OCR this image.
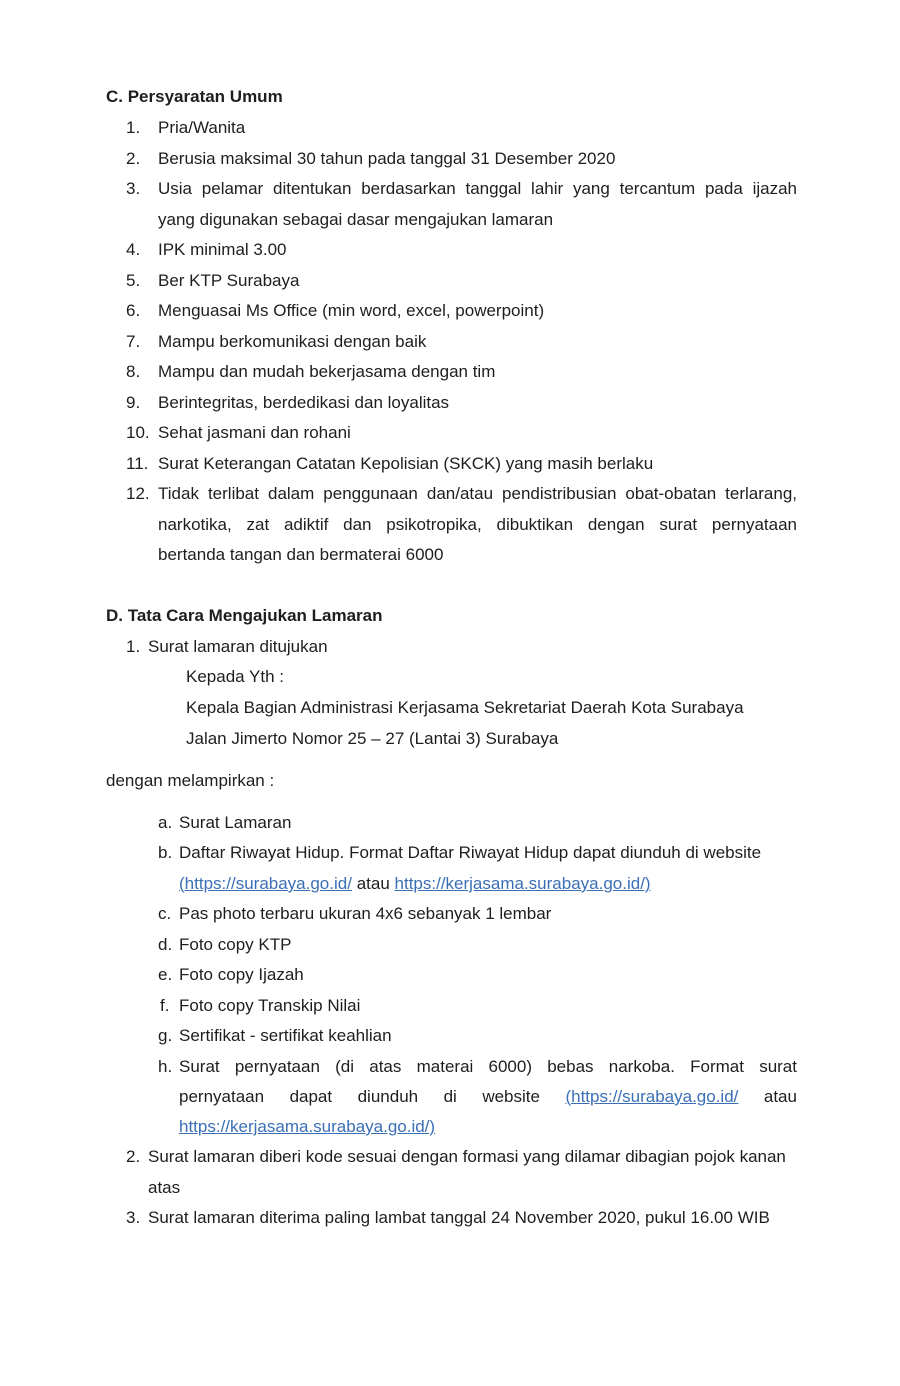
C. Persyaratan Umum
1. Pria/Wanita
2. Berusia maksimal 30 tahun pada tanggal 31 Desember 2020
3. Usia pelamar ditentukan berdasarkan tanggal lahir yang tercantum pada ijazah
yang digunakan sebagai dasar mengajukan lamaran
4. IPK minimal 3.00
5. Ber KTP Surabaya
6. Menguasai Ms Office (min word, excel, powerpoint)
7. Mampu berkomunikasi dengan baik
8. Mampu dan mudah bekerjasama dengan tim
9. Berintegritas, berdedikasi dan loyalitas
10. Sehat jasmani dan rohani
11. Surat Keterangan Catatan Kepolisian (SKCK) yang masih berlaku
12. Tidak terlibat dalam penggunaan dan/atau pendistribusian obat-obatan terlarang,
narkotika, zat adiktif dan psikotropika, dibuktikan dengan surat pernyataan
bertanda tangan dan bermaterai 6000
D. Tata Cara Mengajukan Lamaran
1. Surat lamaran ditujukan
Kepada Yth :
Kepala Bagian Administrasi Kerjasama Sekretariat Daerah Kota Surabaya
Jalan Jimerto Nomor 25 – 27 (Lantai 3) Surabaya
dengan melampirkan :
a. Surat Lamaran
b. Daftar Riwayat Hidup. Format Daftar Riwayat Hidup dapat diunduh di website
(https://surabaya.go.id/ atau https://kerjasama.surabaya.go.id/)
c. Pas photo terbaru ukuran 4x6 sebanyak 1 lembar
d. Foto copy KTP
e. Foto copy Ijazah
f. Foto copy Transkip Nilai
g. Sertifikat - sertifikat keahlian
h. Surat pernyataan (di atas materai 6000) bebas narkoba. Format surat
pernyataan dapat diunduh di website (https://surabaya.go.id/ atau
https://kerjasama.surabaya.go.id/)
2. Surat lamaran diberi kode sesuai dengan formasi yang dilamar dibagian pojok kanan
atas
3. Surat lamaran diterima paling lambat tanggal 24 November 2020, pukul 16.00 WIB
